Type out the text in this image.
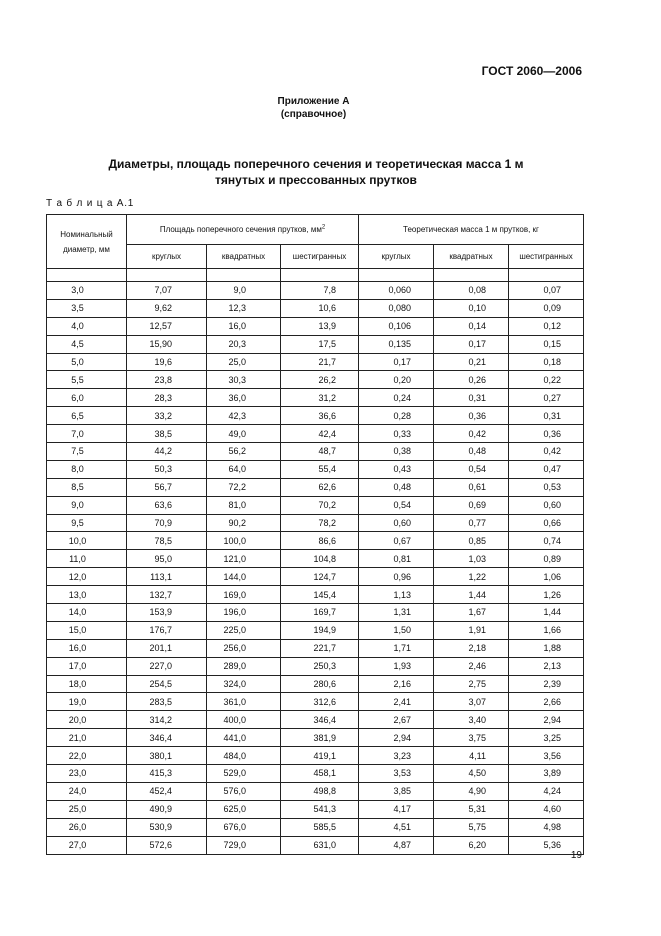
ГОСТ 2060—2006
Приложение А
(справочное)
Диаметры, площадь поперечного сечения и теоретическая масса 1 м
тянутых и прессованных прутков
Т а б л и ц а А.1
Номинальный диаметр, мм	Площадь поперечного сечения прутков, $мм^2$			Теоретическая масса 1 м прутков, кг		
	круглых	квадратных	шестигранных	круглых	квадратных	шестигранных

3,0	7,07	9,0	7,8	0,060	0,08	0,07
3,5	9,62	12,3	10,6	0,080	0,10	0,09
4,0	12,57	16,0	13,9	0,106	0,14	0,12
4,5	15,90	20,3	17,5	0,135	0,17	0,15
5,0	19,6	25,0	21,7	0,17	0,21	0,18
5,5	23,8	30,3	26,2	0,20	0,26	0,22
6,0	28,3	36,0	31,2	0,24	0,31	0,27
6,5	33,2	42,3	36,6	0,28	0,36	0,31
7,0	38,5	49,0	42,4	0,33	0,42	0,36
7,5	44,2	56,2	48,7	0,38	0,48	0,42
8,0	50,3	64,0	55,4	0,43	0,54	0,47
8,5	56,7	72,2	62,6	0,48	0,61	0,53
9,0	63,6	81,0	70,2	0,54	0,69	0,60
9,5	70,9	90,2	78,2	0,60	0,77	0,66
10,0	78,5	100,0	86,6	0,67	0,85	0,74
11,0	95,0	121,0	104,8	0,81	1,03	0,89
12,0	113,1	144,0	124,7	0,96	1,22	1,06
13,0	132,7	169,0	145,4	1,13	1,44	1,26
14,0	153,9	196,0	169,7	1,31	1,67	1,44
15,0	176,7	225,0	194,9	1,50	1,91	1,66
16,0	201,1	256,0	221,7	1,71	2,18	1,88
17,0	227,0	289,0	250,3	1,93	2,46	2,13
18,0	254,5	324,0	280,6	2,16	2,75	2,39
19,0	283,5	361,0	312,6	2,41	3,07	2,66
20,0	314,2	400,0	346,4	2,67	3,40	2,94
21,0	346,4	441,0	381,9	2,94	3,75	3,25
22,0	380,1	484,0	419,1	3,23	4,11	3,56
23,0	415,3	529,0	458,1	3,53	4,50	3,89
24,0	452,4	576,0	498,8	3,85	4,90	4,24
25,0	490,9	625,0	541,3	4,17	5,31	4,60
26,0	530,9	676,0	585,5	4,51	5,75	4,98
27,0	572,6	729,0	631,0	4,87	6,20	5,36
19
